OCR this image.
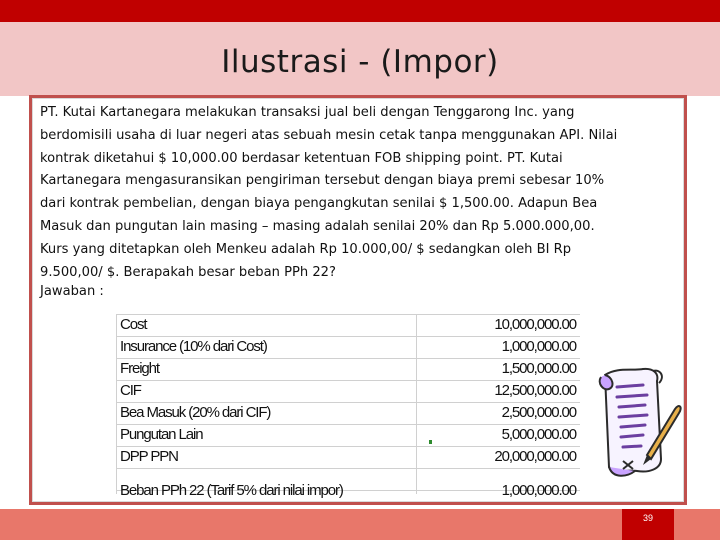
Ilustrasi - (Impor)
PT. Kutai Kartanegara melakukan transaksi jual beli dengan Tenggarong Inc. yang
berdomisili usaha di luar negeri atas sebuah mesin cetak tanpa menggunakan API. Nilai
kontrak diketahui $ 10,000.00 berdasar ketentuan FOB shipping point. PT. Kutai
Kartanegara mengasuransikan pengiriman tersebut dengan biaya premi sebesar 10%
dari kontrak pembelian, dengan biaya pengangkutan senilai $ 1,500.00. Adapun Bea
Masuk dan pungutan lain masing – masing adalah senilai 20% dan Rp 5.000.000,00.
Kurs yang ditetapkan oleh Menkeu adalah Rp 10.000,00/ $ sedangkan oleh BI Rp
9.500,00/ $. Berapakah besar beban PPh 22?
Jawaban :
Cost	10,000,000.00
Insurance (10% dari Cost)	1,000,000.00
Freight	1,500,000.00
CIF	12,500,000.00
Bea Masuk (20% dari CIF)	2,500,000.00
Pungutan Lain	5,000,000.00
DPP PPN	20,000,000.00
Beban PPh 22 (Tarif 5% dari nilai impor)	1,000,000.00
39
